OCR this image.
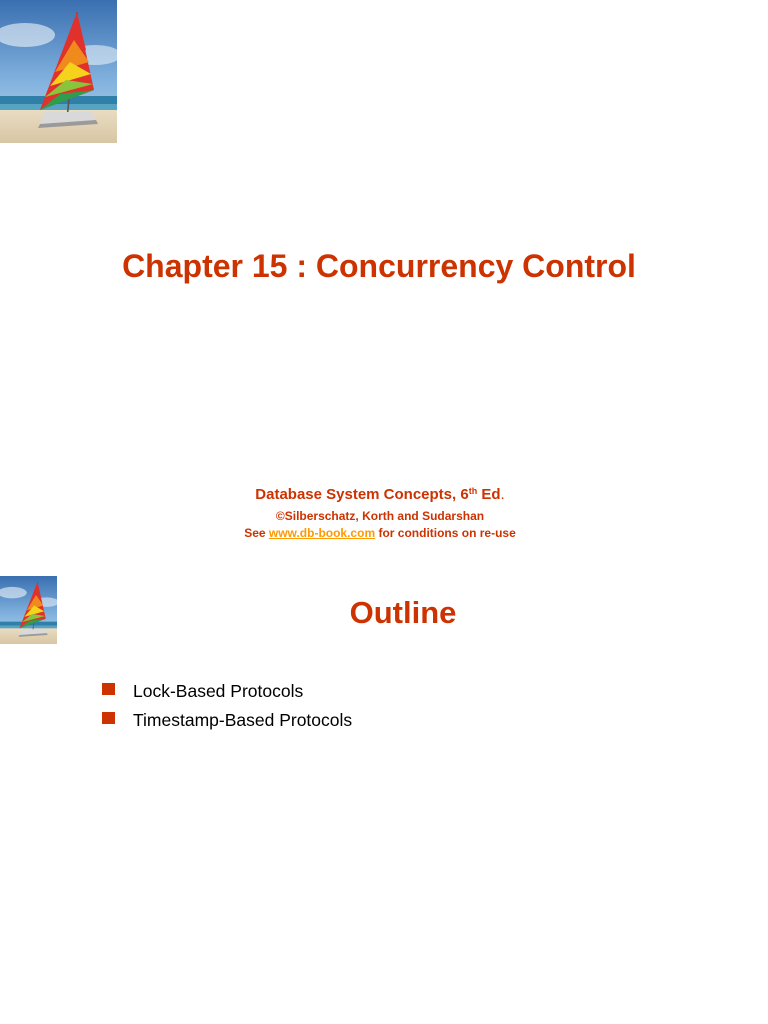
Chapter 15 : Concurrency Control
Database System Concepts, 6th Ed.
©Silberschatz, Korth and Sudarshan
See www.db-book.com for conditions on re-use
Outline
Lock-Based Protocols
Timestamp-Based Protocols
